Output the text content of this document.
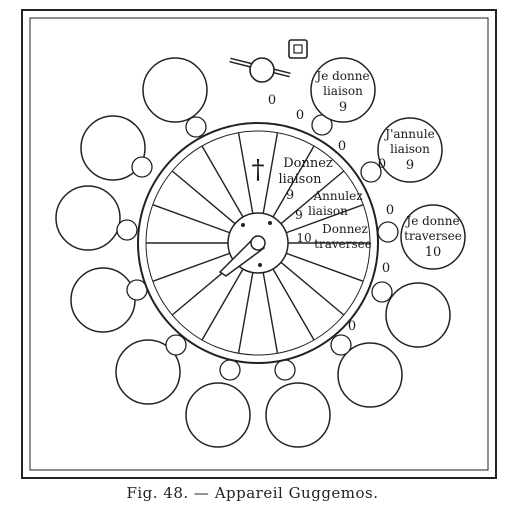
†
Je donne
liaison
9
J'annule
liaison
9
Je donne
traversee
10
Donnez
liaison
9 Annulez
liaison
9
Donnez
traversee
10
0
0
0
0
0
0
0
Fig. 48. — Appareil Guggemos.
